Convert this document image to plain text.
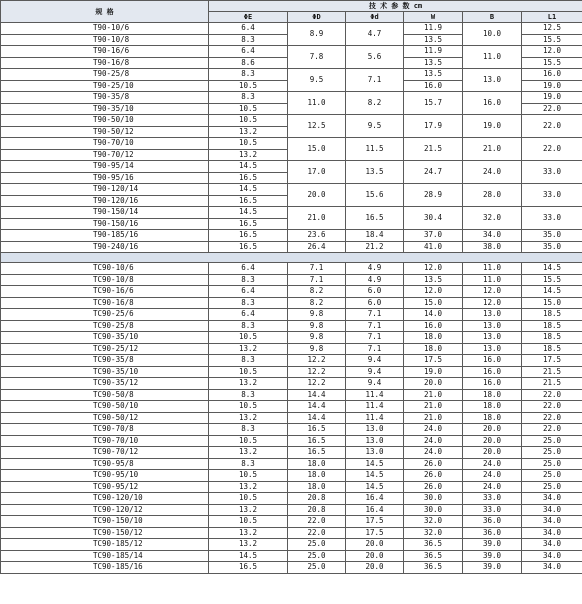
规 格	技 术 参 数 cm					
	ΦE	ΦD	Φd	W	B	L1
T90-10/6	6.4	8.9	4.7	11.9	10.0	12.5
T90-10/8	8.3			13.5		15.5
T90-16/6	6.4	7.8	5.6	11.9	11.0	12.0
T90-16/8	8.6			13.5		15.5
T90-25/8	8.3	9.5	7.1	13.5	13.0	16.0
T90-25/10	10.5			16.0		19.0
T90-35/8	8.3	11.0	8.2	15.7	16.0	19.0
T90-35/10	10.5					22.0
T90-50/10	10.5	12.5	9.5	17.9	19.0	22.0
T90-50/12	13.2					
T90-70/10	10.5	15.0	11.5	21.5	21.0	22.0
T90-70/12	13.2					
T90-95/14	14.5	17.0	13.5	24.7	24.0	33.0
T90-95/16	16.5					
T90-120/14	14.5	20.0	15.6	28.9	28.0	33.0
T90-120/16	16.5					
T90-150/14	14.5	21.0	16.5	30.4	32.0	33.0
T90-150/16	16.5					
T90-185/16	16.5	23.6	18.4	37.0	34.0	35.0
T90-240/16	16.5	26.4	21.2	41.0	38.0	35.0

TC90-10/6	6.4	7.1	4.9	12.0	11.0	14.5
TC90-10/8	8.3	7.1	4.9	13.5	11.0	15.5
TC90-16/6	6.4	8.2	6.0	12.0	12.0	14.5
TC90-16/8	8.3	8.2	6.0	15.0	12.0	15.0
TC90-25/6	6.4	9.8	7.1	14.0	13.0	18.5
TC90-25/8	8.3	9.8	7.1	16.0	13.0	18.5
TC90-35/10	10.5	9.8	7.1	18.0	13.0	18.5
TC90-25/12	13.2	9.8	7.1	18.0	13.0	18.5
TC90-35/8	8.3	12.2	9.4	17.5	16.0	17.5
TC90-35/10	10.5	12.2	9.4	19.0	16.0	21.5
TC90-35/12	13.2	12.2	9.4	20.0	16.0	21.5
TC90-50/8	8.3	14.4	11.4	21.0	18.0	22.0
TC90-50/10	10.5	14.4	11.4	21.0	18.0	22.0
TC90-50/12	13.2	14.4	11.4	21.0	18.0	22.0
TC90-70/8	8.3	16.5	13.0	24.0	20.0	22.0
TC90-70/10	10.5	16.5	13.0	24.0	20.0	25.0
TC90-70/12	13.2	16.5	13.0	24.0	20.0	25.0
TC90-95/8	8.3	18.0	14.5	26.0	24.0	25.0
TC90-95/10	10.5	18.0	14.5	26.0	24.0	25.0
TC90-95/12	13.2	18.0	14.5	26.0	24.0	25.0
TC90-120/10	10.5	20.8	16.4	30.0	33.0	34.0
TC90-120/12	13.2	20.8	16.4	30.0	33.0	34.0
TC90-150/10	10.5	22.0	17.5	32.0	36.0	34.0
TC90-150/12	13.2	22.0	17.5	32.0	36.0	34.0
TC90-185/12	13.2	25.0	20.0	36.5	39.0	34.0
TC90-185/14	14.5	25.0	20.0	36.5	39.0	34.0
TC90-185/16	16.5	25.0	20.0	36.5	39.0	34.0
